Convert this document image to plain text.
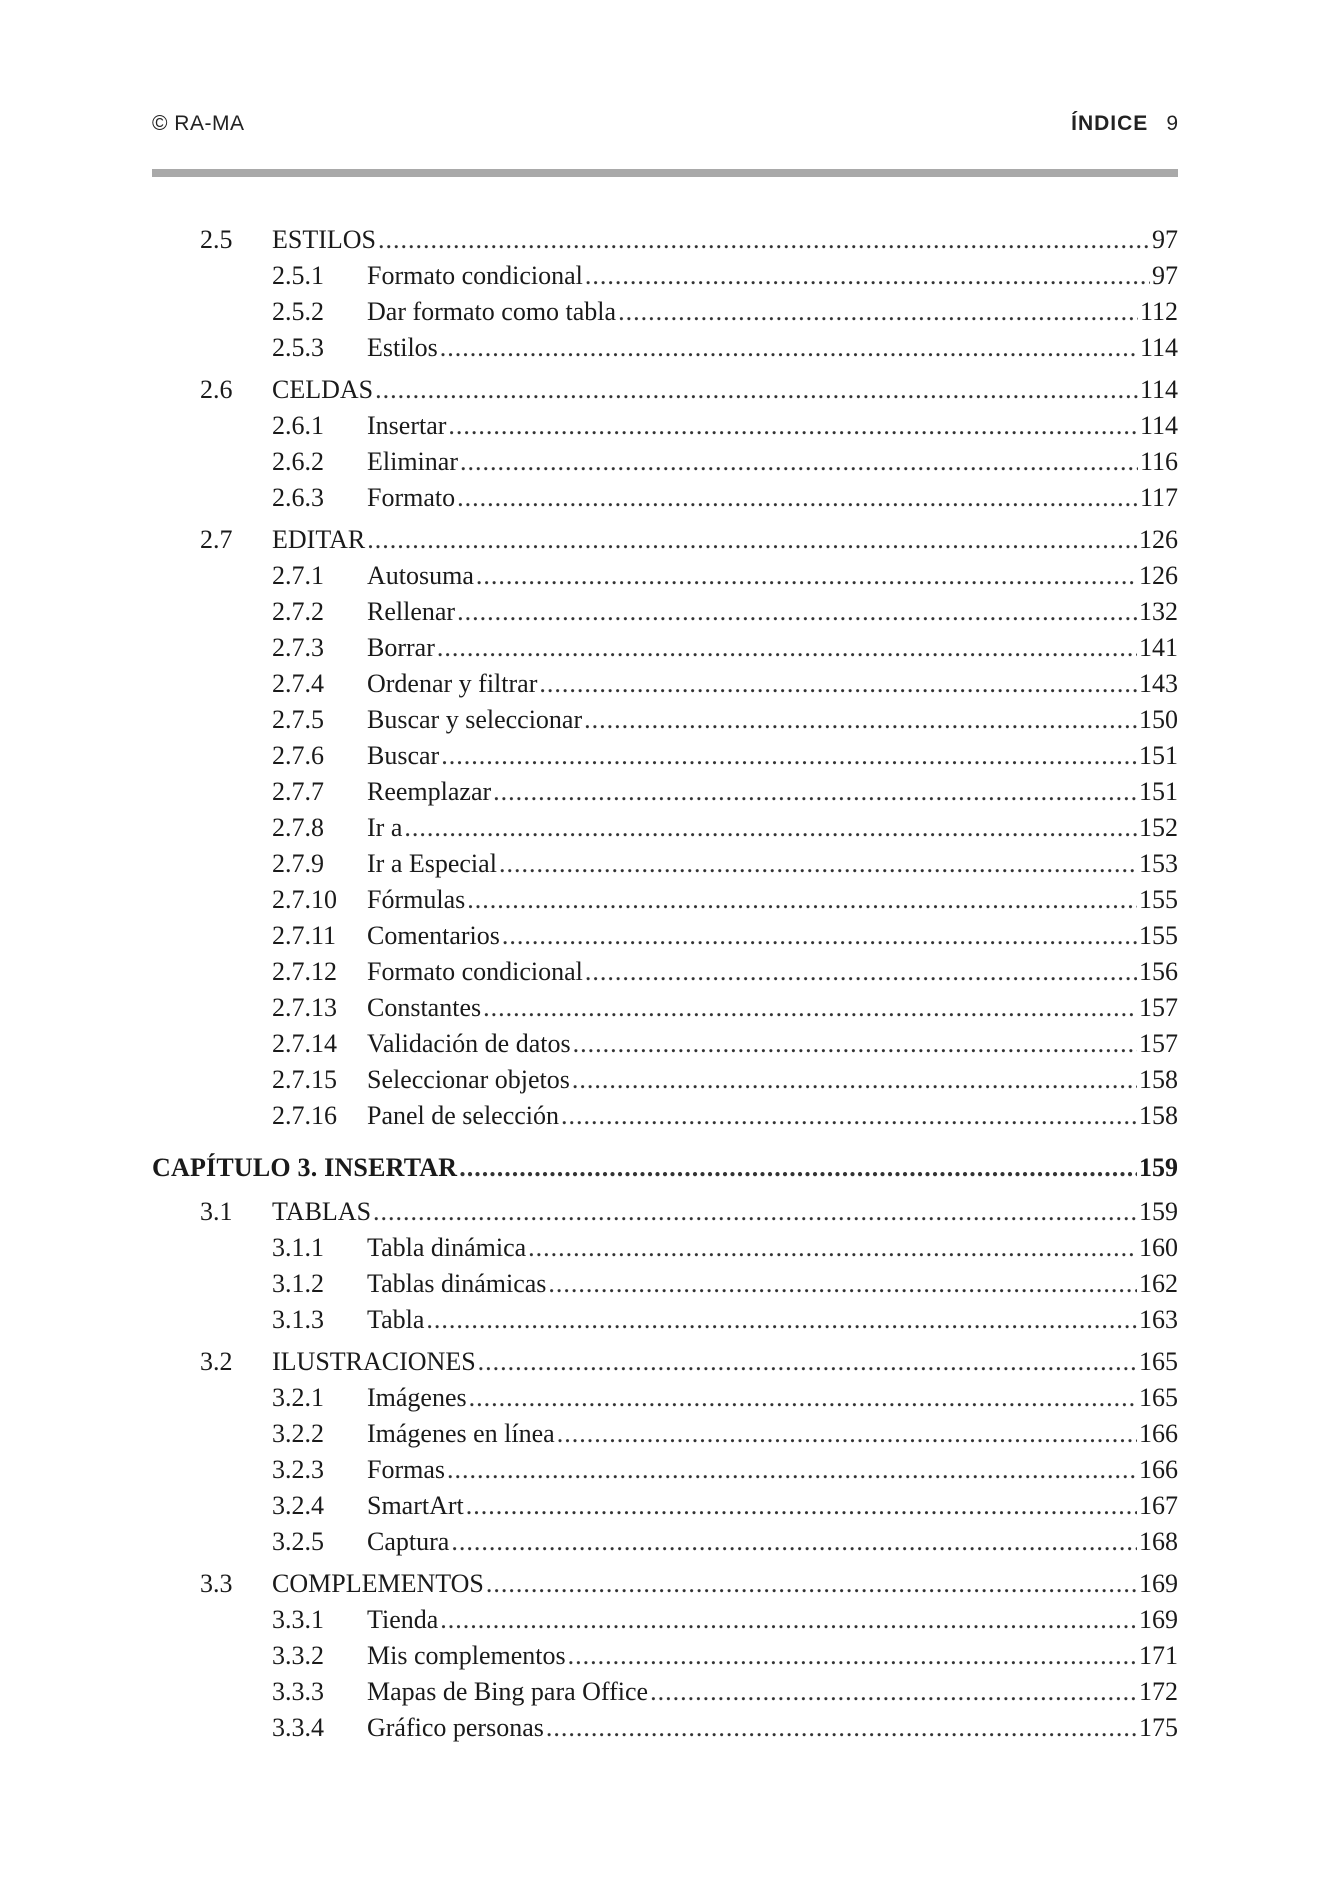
© RA-MA	ÍNDICE 9
2.5	ESTILOS .....	97
2.5.1	Formato condicional .....	97
2.5.2	Dar formato como tabla .....	112
2.5.3	Estilos .....	114
2.6	CELDAS .....	114
2.6.1	Insertar .....	114
2.6.2	Eliminar .....	116
2.6.3	Formato .....	117
2.7	EDITAR .....	126
2.7.1	Autosuma .....	126
2.7.2	Rellenar .....	132
2.7.3	Borrar .....	141
2.7.4	Ordenar y filtrar .....	143
2.7.5	Buscar y seleccionar .....	150
2.7.6	Buscar .....	151
2.7.7	Reemplazar .....	151
2.7.8	Ir a .....	152
2.7.9	Ir a Especial .....	153
2.7.10	Fórmulas .....	155
2.7.11	Comentarios .....	155
2.7.12	Formato condicional .....	156
2.7.13	Constantes .....	157
2.7.14	Validación de datos .....	157
2.7.15	Seleccionar objetos .....	158
2.7.16	Panel de selección .....	158
CAPÍTULO 3. INSERTAR .....	159
3.1	TABLAS .....	159
3.1.1	Tabla dinámica .....	160
3.1.2	Tablas dinámicas .....	162
3.1.3	Tabla .....	163
3.2	ILUSTRACIONES .....	165
3.2.1	Imágenes .....	165
3.2.2	Imágenes en línea .....	166
3.2.3	Formas .....	166
3.2.4	SmartArt .....	167
3.2.5	Captura .....	168
3.3	COMPLEMENTOS .....	169
3.3.1	Tienda .....	169
3.3.2	Mis complementos .....	171
3.3.3	Mapas de Bing para Office .....	172
3.3.4	Gráfico personas .....	175
